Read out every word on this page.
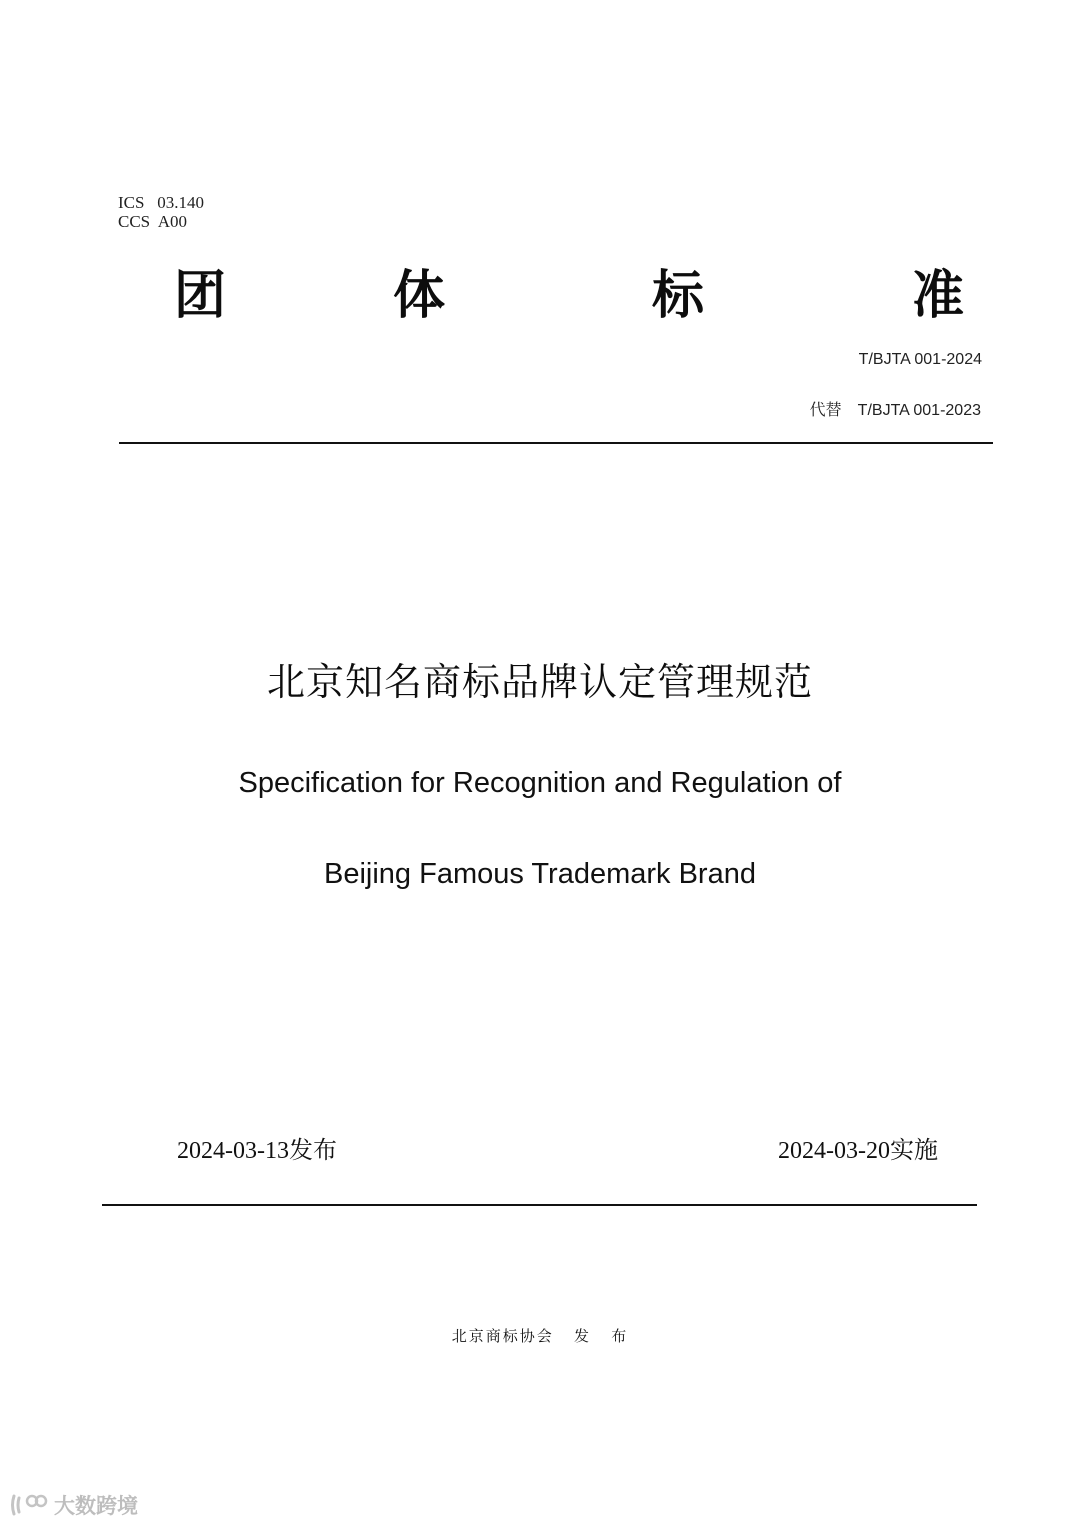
ICS   03.140
CCS  A00
团	体	标	准
T/BJTA 001-2024
代替 T/BJTA 001-2023
北京知名商标品牌认定管理规范
Specification for Recognition and Regulation of
Beijing Famous Trademark Brand
2024-03-13发布	2024-03-20实施
北京商标协会   发   布
大数跨境
